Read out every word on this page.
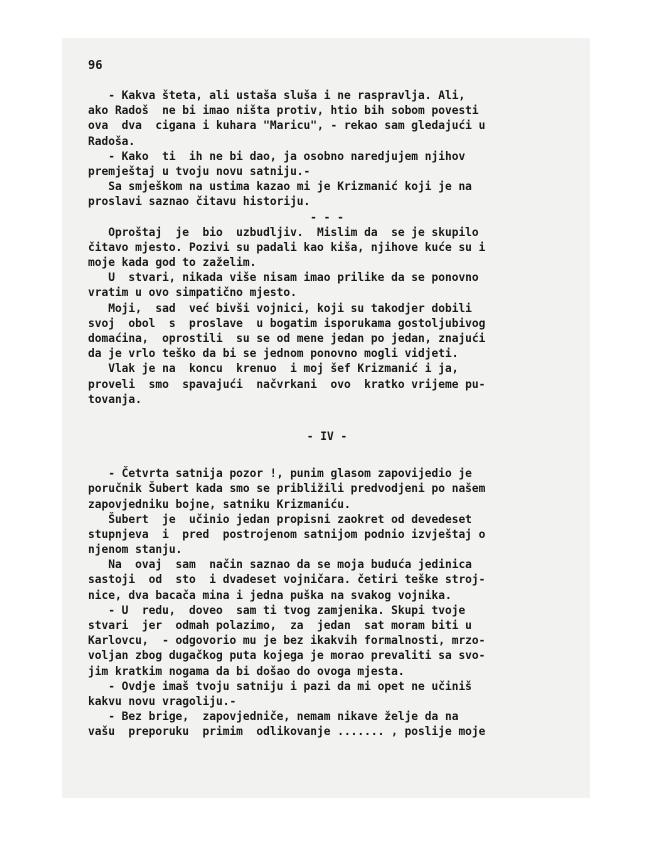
96
- Kakva šteta, ali ustaša sluša i ne raspravlja. Ali,
ako Radoš  ne bi imao ništa protiv, htio bih sobom povesti
ova  dva  cigana i kuhara "Maricu", - rekao sam gledajući u
Radoša.
- Kako  ti  ih ne bi dao, ja osobno naredjujem njihov
premještaj u tvoju novu satniju.-
Sa smješkom na ustima kazao mi je Krizmanić koji je na
proslavi saznao čitavu historiju.
- - -
Oproštaj  je  bio  uzbudljiv.  Mislim da  se je skupilo
čitavo mjesto. Pozivi su padali kao kiša, njihove kuće su i
moje kada god to zaželim.
U  stvari, nikada više nisam imao prilike da se ponovno
vratim u ovo simpatično mjesto.
Moji,  sad  već bivši vojnici, koji su takodjer dobili
svoj  obol  s  proslave  u bogatim isporukama gostoljubivog
domaćina,  oprostili  su se od mene jedan po jedan, znajući
da je vrlo teško da bi se jednom ponovno mogli vidjeti.
Vlak je na  koncu  krenuo  i moj šef Krizmanić i ja,
proveli  smo  spavajući  načvrkani  ovo  kratko vrijeme pu-
tovanja.
- IV -
- Četvrta satnija pozor !, punim glasom zapovijedio je
poručnik Šubert kada smo se približili predvodjeni po našem
zapovjedniku bojne, satniku Krizmaniću.
Šubert  je  učinio jedan propisni zaokret od devedeset
stupnjeva  i  pred  postrojenom satnijom podnio izvještaj o
njenom stanju.
Na  ovaj  sam  način saznao da se moja buduća jedinica
sastoji  od  sto  i dvadeset vojničara. četiri teške stroj-
nice, dva bacača mina i jedna puška na svakog vojnika.
- U  redu,  doveo  sam ti tvog zamjenika. Skupi tvoje
stvari  jer  odmah polazimo,  za  jedan  sat moram biti u
Karlovcu,  - odgovorio mu je bez ikakvih formalnosti, mrzo-
voljan zbog dugačkog puta kojega je morao prevaliti sa svo-
jim kratkim nogama da bi došao do ovoga mjesta.
- Ovdje imaš tvoju satniju i pazi da mi opet ne učiniš
kakvu novu vragoliju.-
- Bez brige,  zapovjedniče, nemam nikave želje da na
vašu  preporuku  primim  odlikovanje ....... , poslije moje
